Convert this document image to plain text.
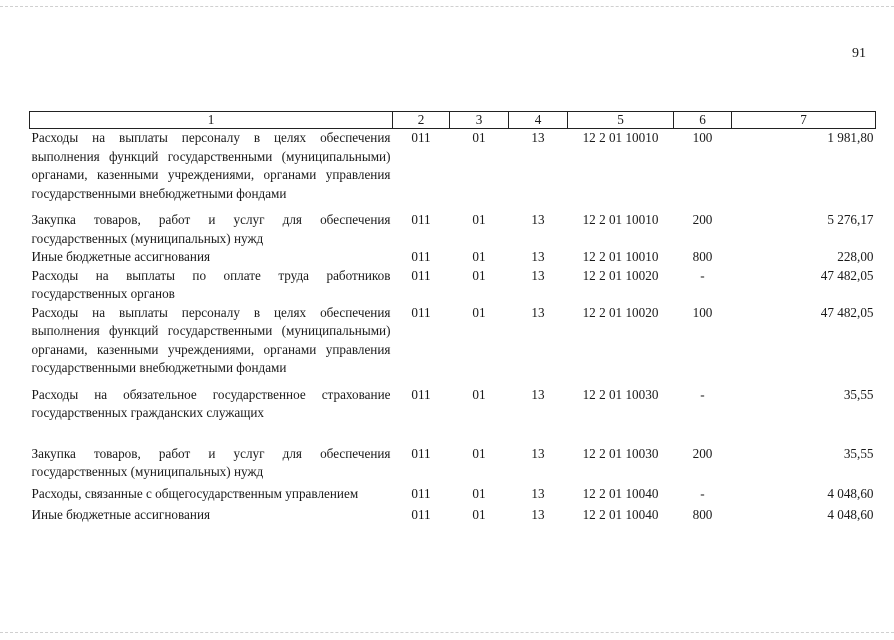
91
1	2	3	4	5	6	7

Расходы на выплаты персоналу в целях обеспечения выполнения функций государственными (муниципальными) органами, казенными учреждениями, органами управления государственными внебюджетными фондами	011	01	13	12 2 01 10010	100	1 981,80

Закупка товаров, работ и услуг для обеспечения государственных (муниципальных) нужд	011	01	13	12 2 01 10010	200	5 276,17

Иные бюджетные ассигнования	011	01	13	12 2 01 10010	800	228,00

Расходы на выплаты по оплате труда работников государственных органов	011	01	13	12 2 01 10020	-	47 482,05

Расходы на выплаты персоналу в целях обеспечения выполнения функций государственными (муниципальными) органами, казенными учреждениями, органами управления государственными внебюджетными фондами	011	01	13	12 2 01 10020	100	47 482,05

Расходы на обязательное государственное страхование государственных гражданских служащих	011	01	13	12 2 01 10030	-	35,55

Закупка товаров, работ и услуг для обеспечения государственных (муниципальных) нужд	011	01	13	12 2 01 10030	200	35,55

Расходы, связанные с общегосударственным управлением	011	01	13	12 2 01 10040	-	4 048,60

Иные бюджетные ассигнования	011	01	13	12 2 01 10040	800	4 048,60
